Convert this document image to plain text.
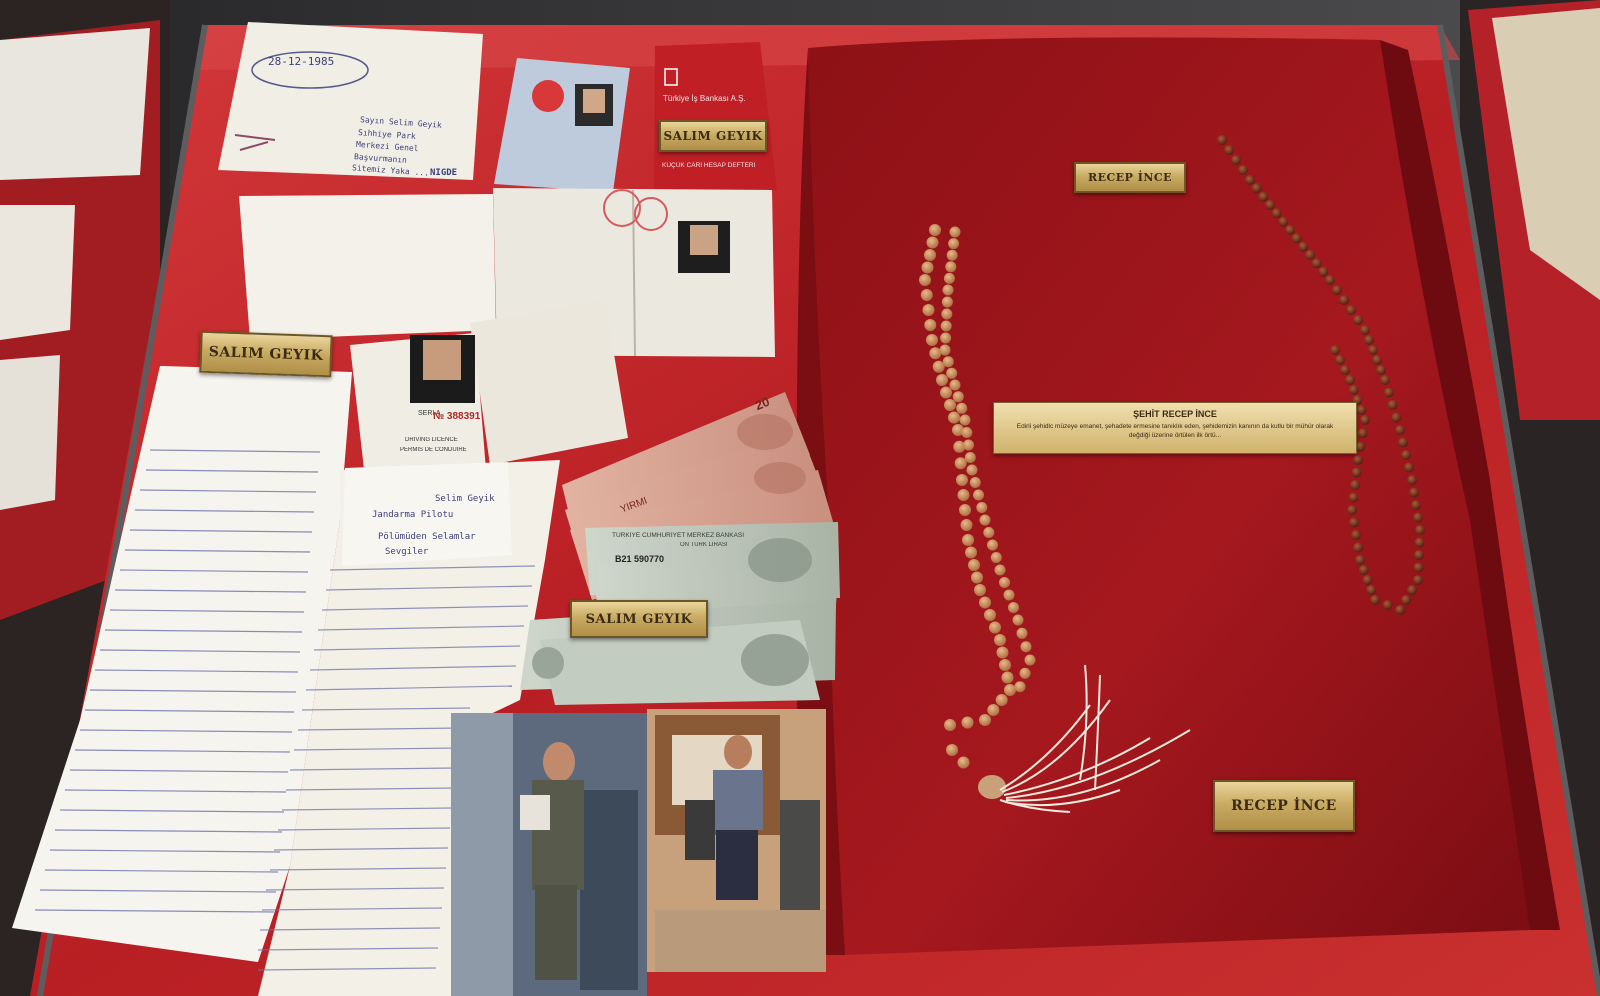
SALIM GEYIK
SALIM GEYIK
SALIM GEYIK
RECEP İNCE
RECEP İNCE
ŞEHİT RECEP İNCE
Edirli şehidlc müzeye emanet, şehadete ermesine tanıklık eden, şehidemizin kanının da kutlu bir mühür olarak değdiği üzerine örtülen ilk örtü...
Türkiye İş Bankası A.Ş.
KÜÇÜK CARİ HESAP DEFTERİ
28-12-1985
Sayın Selim Geyik
Sıhhiye Park
Merkezi Genel
Başvurmanın
Sitemiz Yaka ... NİĞDE
SERİ A
№ 388391
DRIVING LICENCE
PERMIS DE CONDUIRE
Selim Geyik
Jandarma Pilotu
Pölümüden Selamlar
Sevgiler
20
YİRMİ
TÜRKİYE CUMHURİYET MERKEZ BANKASI
B21 590770
ON TÜRK LİRASI
